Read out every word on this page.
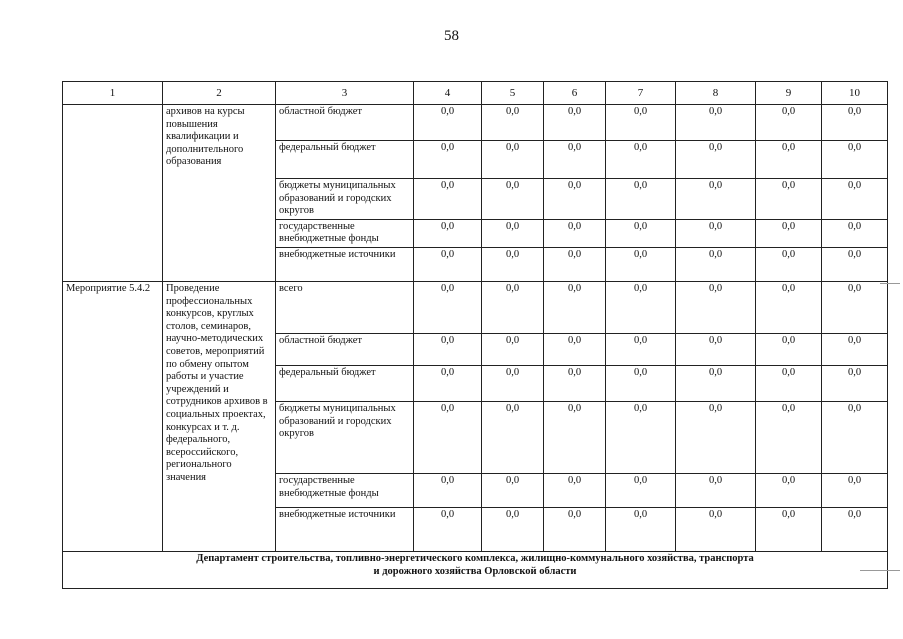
58
1	2	3	4	5	6	7	8	9	10
	архивов на курсы повышения квалификации и дополнительного образования	областной бюджет	0,0	0,0	0,0	0,0	0,0	0,0	0,0
		федеральный бюджет	0,0	0,0	0,0	0,0	0,0	0,0	0,0
		бюджеты муниципальных образований и городских округов	0,0	0,0	0,0	0,0	0,0	0,0	0,0
		государственные внебюджетные фонды	0,0	0,0	0,0	0,0	0,0	0,0	0,0
		внебюджетные источники	0,0	0,0	0,0	0,0	0,0	0,0	0,0
Мероприятие 5.4.2	Проведение профессиональных конкурсов, круглых столов, семинаров, научно-методических советов, мероприятий по обмену опытом работы и участие учреждений и сотрудников архивов в социальных проектах, конкурсах и т. д. федерального, всероссийского, регионального значения	всего	0,0	0,0	0,0	0,0	0,0	0,0	0,0
		областной бюджет	0,0	0,0	0,0	0,0	0,0	0,0	0,0
		федеральный бюджет	0,0	0,0	0,0	0,0	0,0	0,0	0,0
		бюджеты муниципальных образований и городских округов	0,0	0,0	0,0	0,0	0,0	0,0	0,0
		государственные внебюджетные фонды	0,0	0,0	0,0	0,0	0,0	0,0	0,0
		внебюджетные источники	0,0	0,0	0,0	0,0	0,0	0,0	0,0

Департамент строительства, топливно-энергетического комплекса, жилищно-коммунального хозяйства, транспорта
и дорожного хозяйства Орловской области									
